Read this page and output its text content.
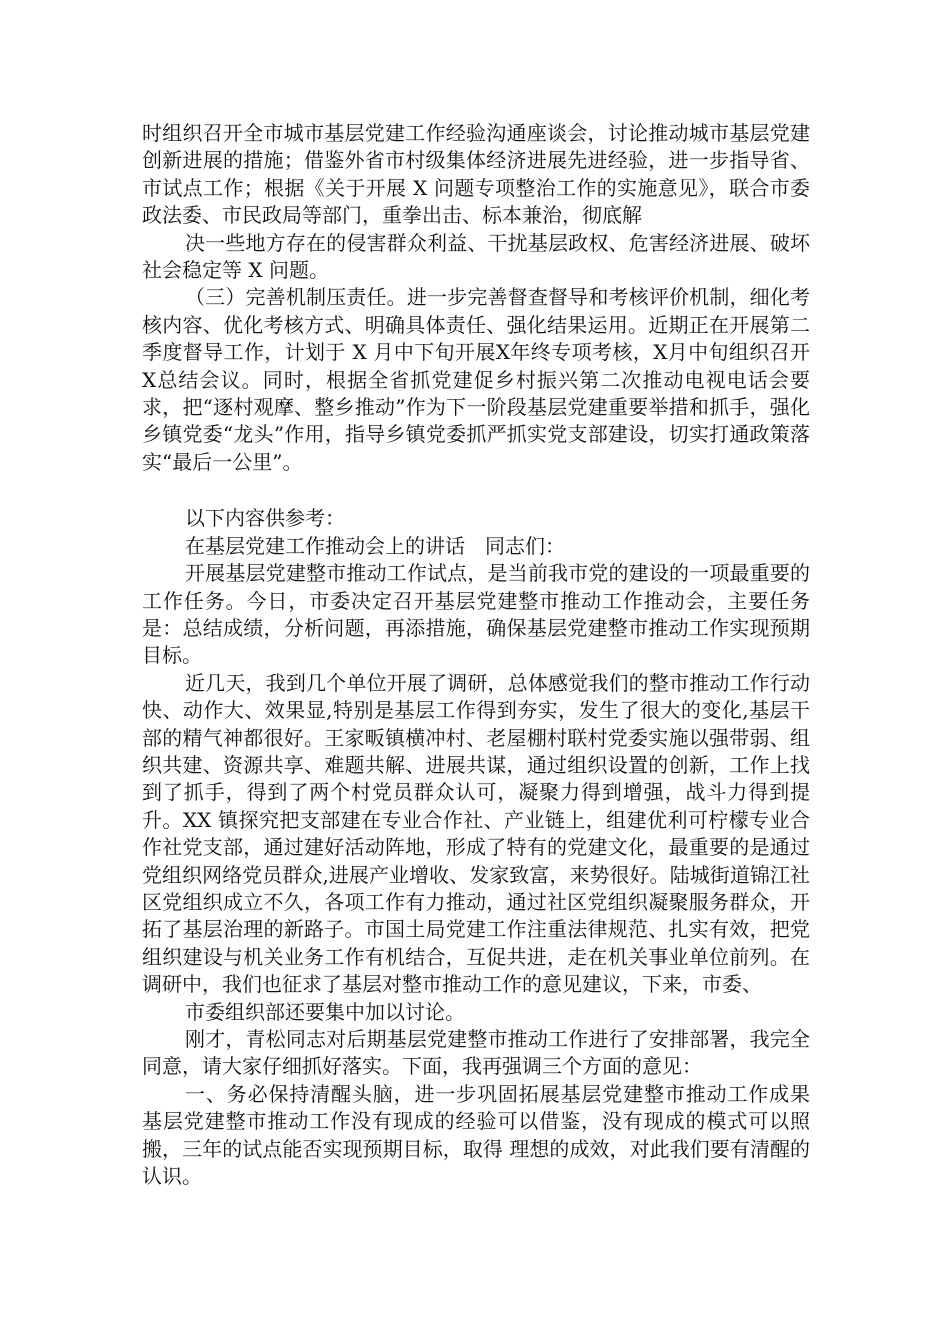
时组织召开全市城市基层党建工作经验沟通座谈会，讨论推动城市基层党建创新进展的措施；借鉴外省市村级集体经济进展先进经验，进一步指导省、市试点工作；根据《关于开展 X 问题专项整治工作的实施意见》，联合市委政法委、市民政局等部门，重拳出击、标本兼治，彻底解

决一些地方存在的侵害群众利益、干扰基层政权、危害经济进展、破坏社会稳定等 X 问题。

（三）完善机制压责任。进一步完善督查督导和考核评价机制，细化考核内容、优化考核方式、明确具体责任、强化结果运用。近期正在开展第二季度督导工作，计划于 X 月中下旬开展X年终专项考核，X月中旬组织召开X总结会议。同时，根据全省抓党建促乡村振兴第二次推动电视电话会要求，把“逐村观摩、整乡推动”作为下一阶段基层党建重要举措和抓手，强化乡镇党委“龙头”作用，指导乡镇党委抓严抓实党支部建设，切实打通政策落实“最后一公里”。

以下内容供参考：

在基层党建工作推动会上的讲话　同志们：

开展基层党建整市推动工作试点，是当前我市党的建设的一项最重要的工作任务。今日，市委决定召开基层党建整市推动工作推动会，主要任务是：总结成绩，分析问题，再添措施，确保基层党建整市推动工作实现预期目标。

近几天，我到几个单位开展了调研，总体感觉我们的整市推动工作行动快、动作大、效果显,特别是基层工作得到夯实，发生了很大的变化,基层干部的精气神都很好。王家畈镇横冲村、老屋棚村联村党委实施以强带弱、组织共建、资源共享、难题共解、进展共谋，通过组织设置的创新，工作上找到了抓手，得到了两个村党员群众认可，凝聚力得到增强，战斗力得到提升。XX 镇探究把支部建在专业合作社、产业链上，组建优利可柠檬专业合作社党支部，通过建好活动阵地，形成了特有的党建文化，最重要的是通过党组织网络党员群众,进展产业增收、发家致富，来势很好。陆城街道锦江社区党组织成立不久，各项工作有力推动，通过社区党组织凝聚服务群众，开拓了基层治理的新路子。市国土局党建工作注重法律规范、扎实有效，把党组织建设与机关业务工作有机结合，互促共进，走在机关事业单位前列。在调研中，我们也征求了基层对整市推动工作的意见建议，下来，市委、

市委组织部还要集中加以讨论。

刚才，青松同志对后期基层党建整市推动工作进行了安排部署，我完全同意，请大家仔细抓好落实。下面，我再强调三个方面的意见：

一、务必保持清醒头脑，进一步巩固拓展基层党建整市推动工作成果 基层党建整市推动工作没有现成的经验可以借鉴，没有现成的模式可以照搬，三年的试点能否实现预期目标，取得 理想的成效，对此我们要有清醒的认识。
